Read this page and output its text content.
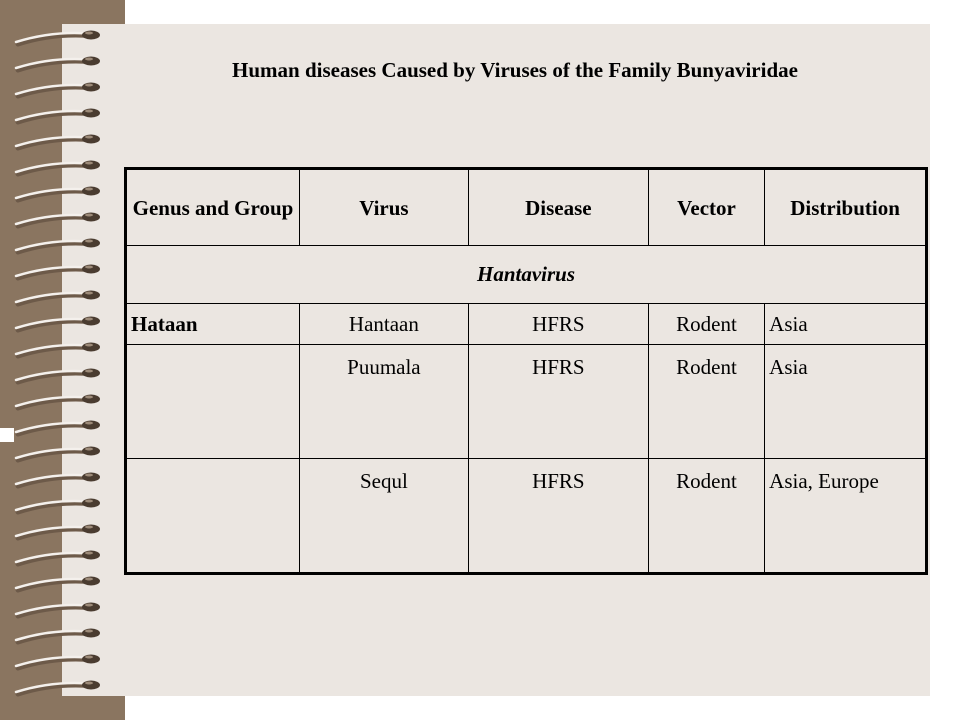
Human diseases Caused by Viruses of the Family Bunyaviridae
Genus and Group	Virus	Disease	Vector	Distribution
Hantavirus				
Hataan	Hantaan	HFRS	Rodent	Asia
	Puumala	HFRS	Rodent	Asia
	Sequl	HFRS	Rodent	Asia, Europe
